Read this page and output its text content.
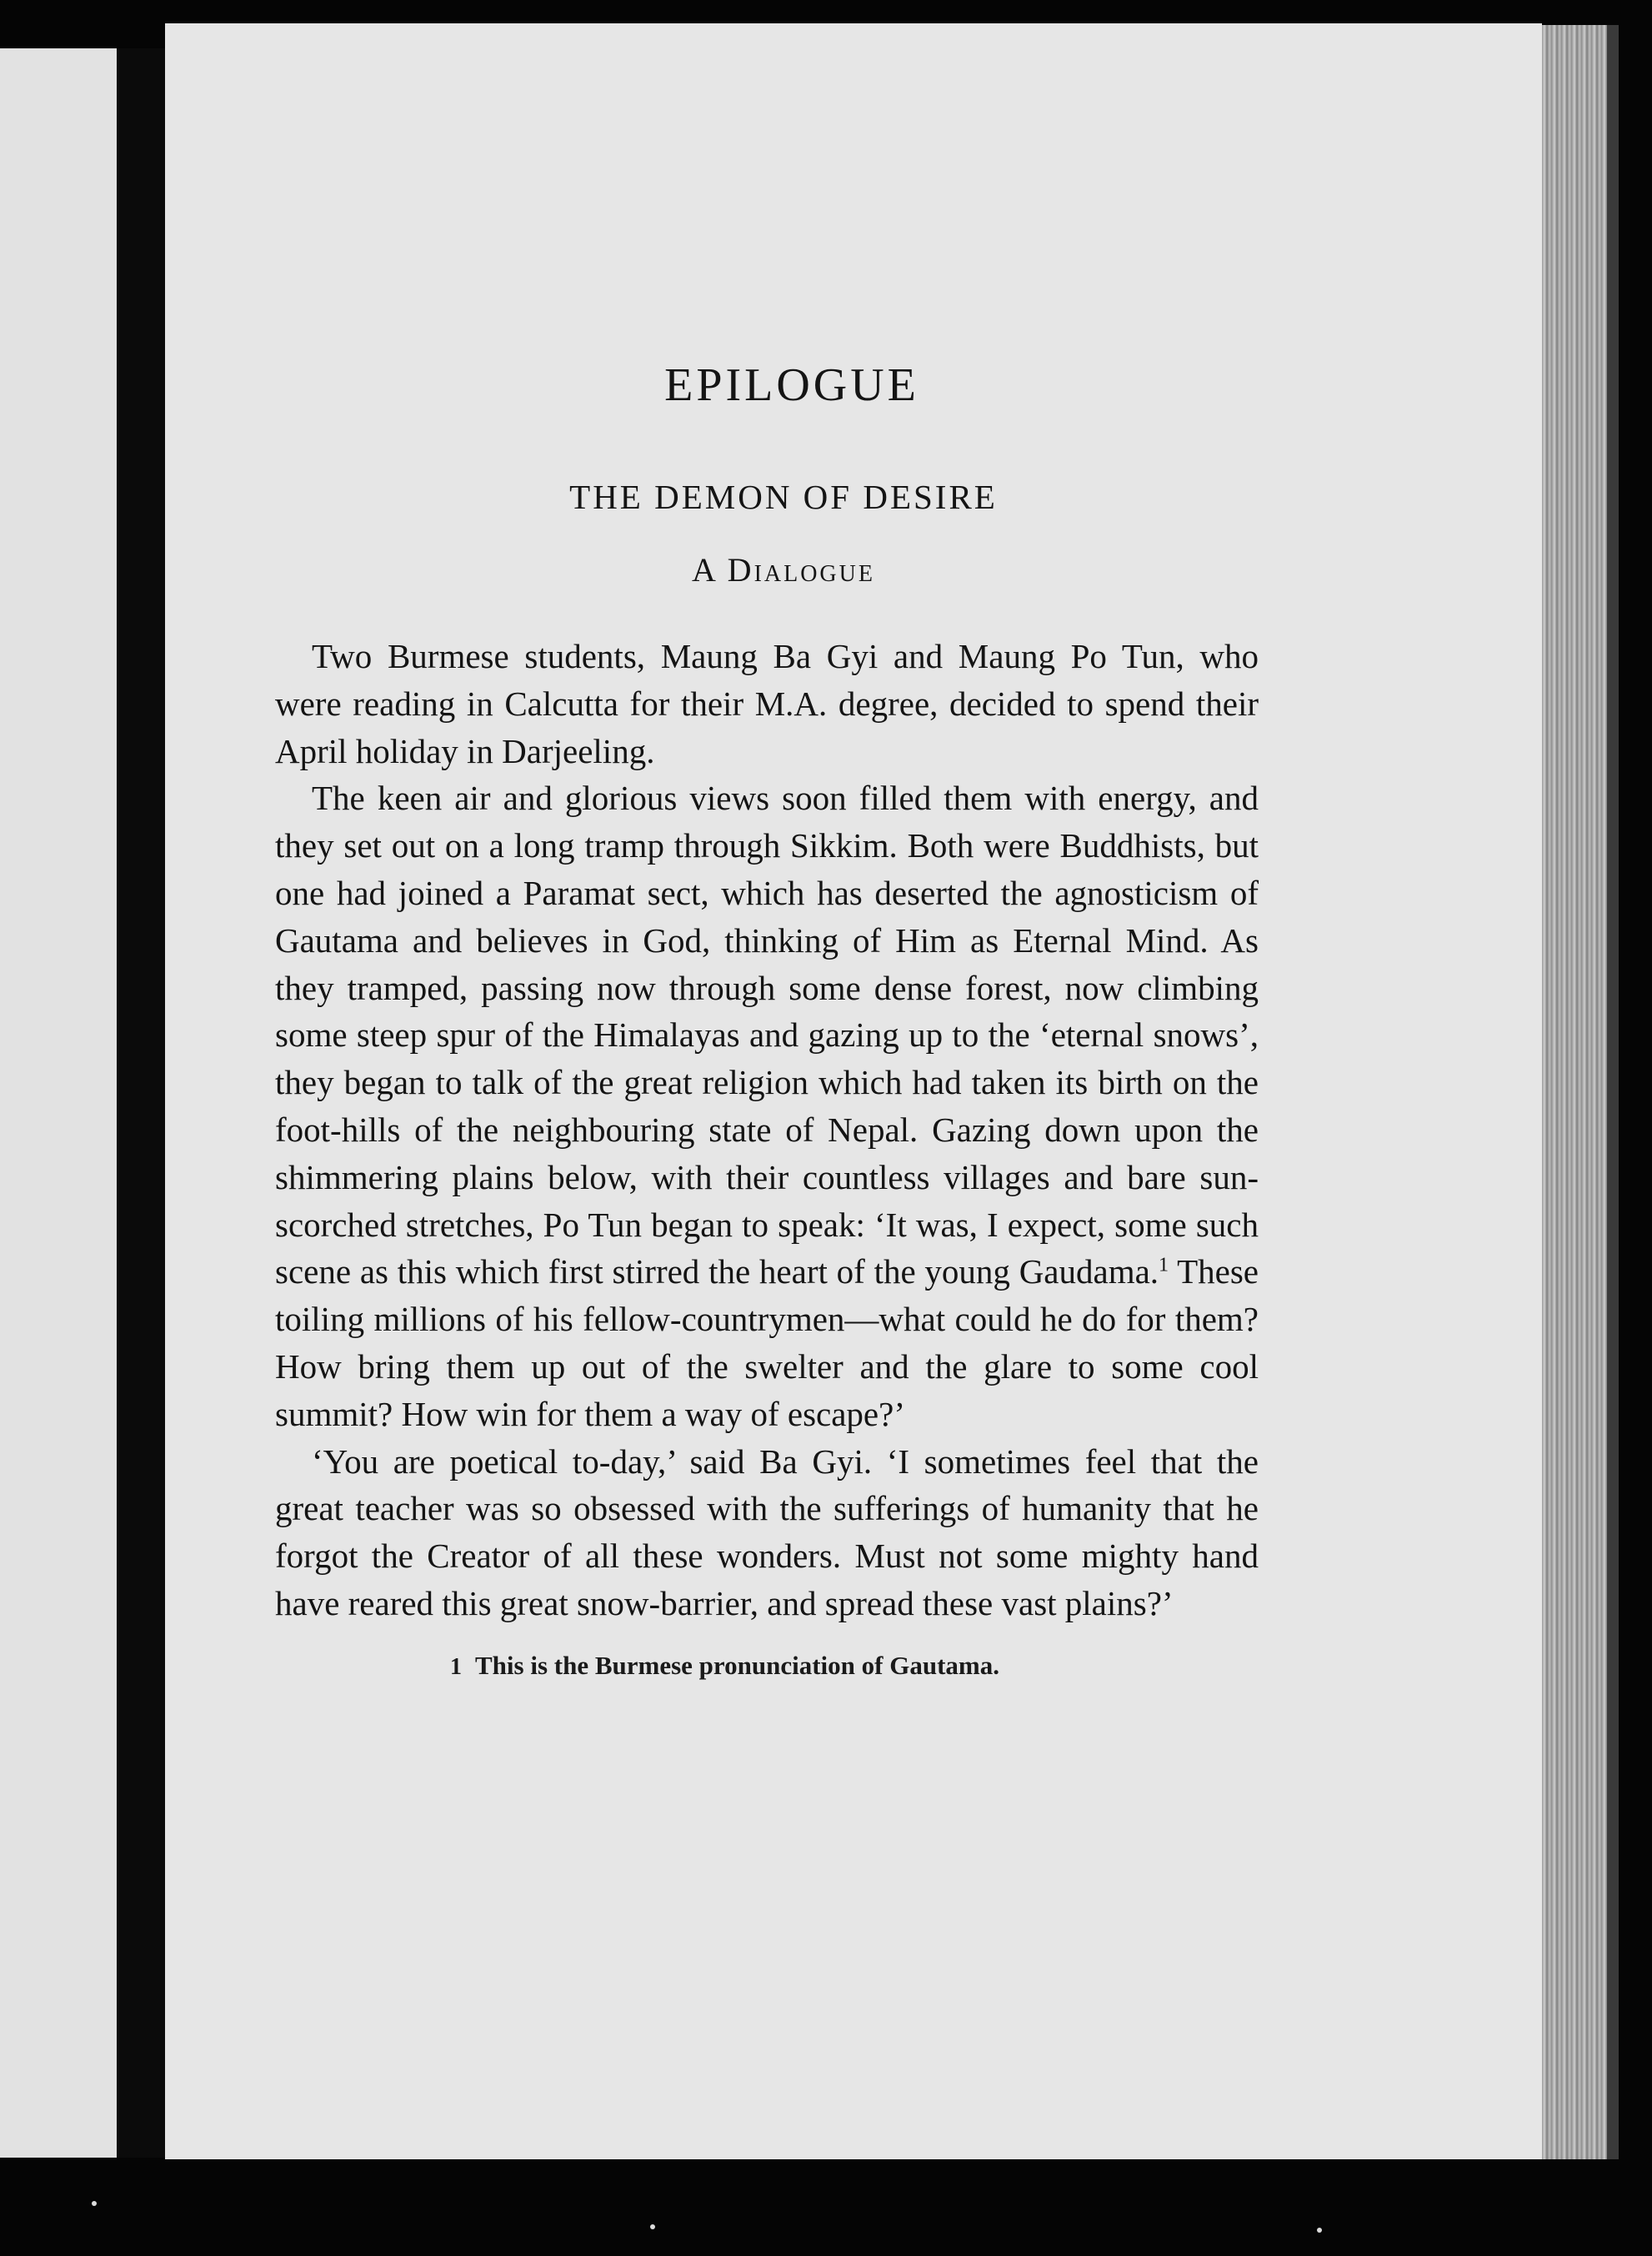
EPILOGUE
THE DEMON OF DESIRE
A Dialogue

Two Burmese students, Maung Ba Gyi and Maung Po Tun, who were reading in Calcutta for their M.A. degree, decided to spend their April holiday in Darjeeling.

The keen air and glorious views soon filled them with energy, and they set out on a long tramp through Sikkim. Both were Buddhists, but one had joined a Paramat sect, which has deserted the agnosticism of Gautama and believes in God, thinking of Him as Eternal Mind. As they tramped, passing now through some dense forest, now climbing some steep spur of the Himalayas and gazing up to the ‘eternal snows’, they began to talk of the great religion which had taken its birth on the foot-hills of the neighbouring state of Nepal. Gazing down upon the shimmering plains below, with their countless villages and bare sun-scorched stretches, Po Tun began to speak: ‘It was, I expect, some such scene as this which first stirred the heart of the young Gaudama.$^1$ These toiling millions of his fellow-countrymen—what could he do for them? How bring them up out of the swelter and the glare to some cool summit? How win for them a way of escape?’

‘You are poetical to-day,’ said Ba Gyi. ‘I sometimes feel that the great teacher was so obsessed with the sufferings of humanity that he forgot the Creator of all these wonders. Must not some mighty hand have reared this great snow-barrier, and spread these vast plains?’

1 This is the Burmese pronunciation of Gautama.
